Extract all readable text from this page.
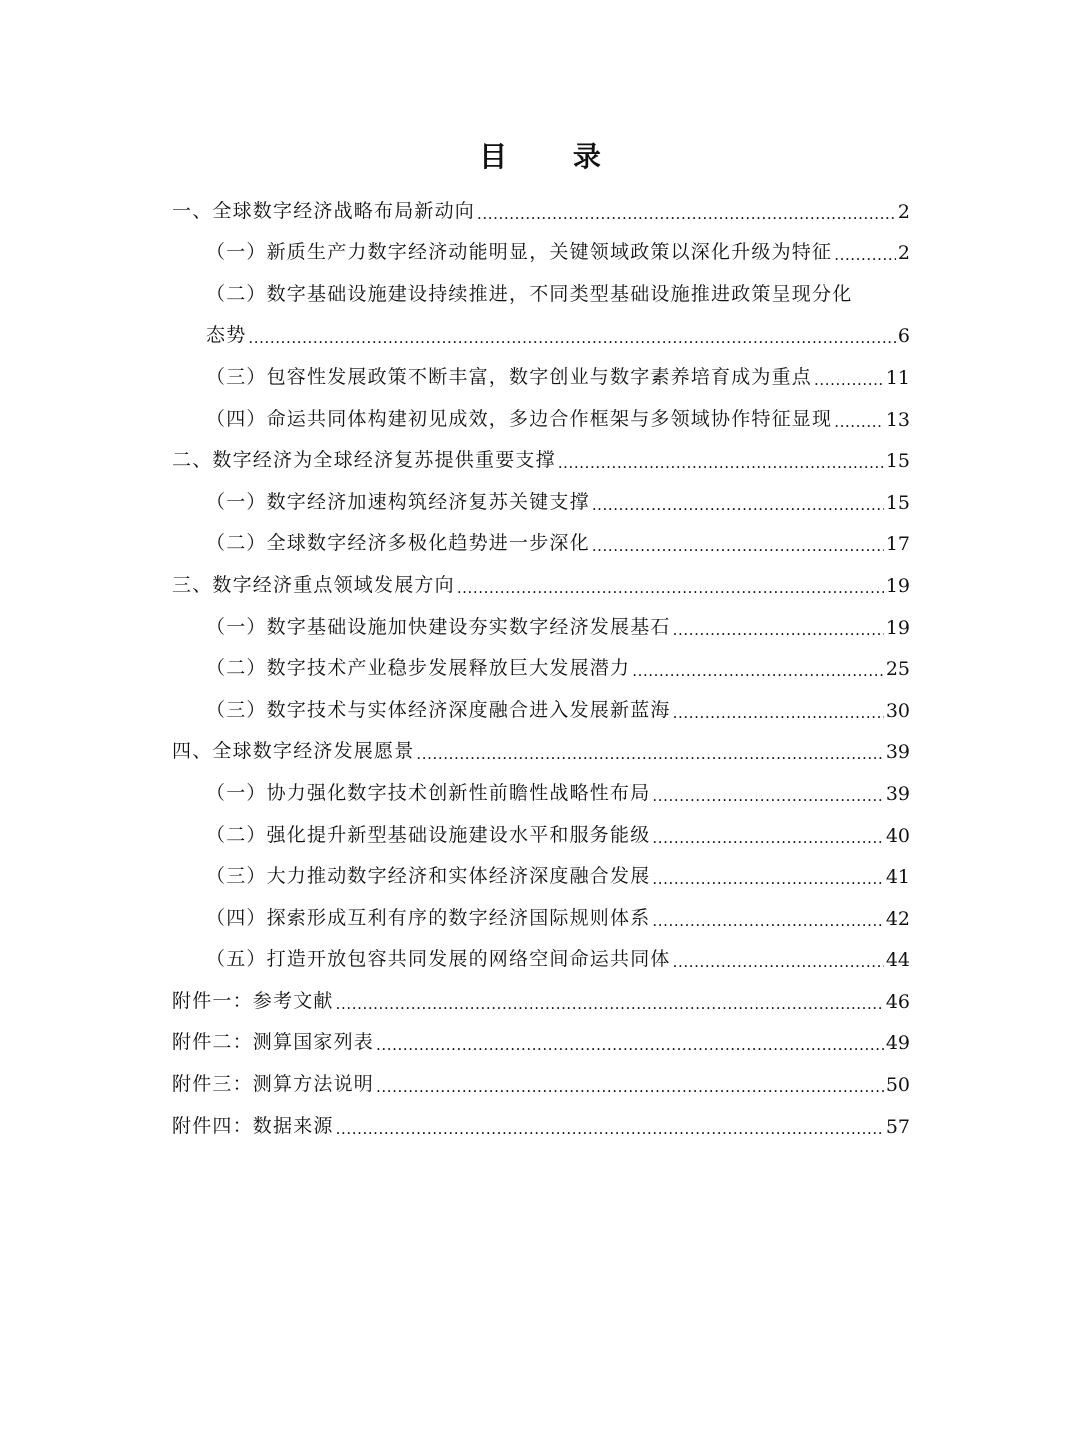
目 录
一、全球数字经济战略布局新动向 .....	2
（一）新质生产力数字经济动能明显，关键领域政策以深化升级为特征 .....	2
（二）数字基础设施建设持续推进，不同类型基础设施推进政策呈现分化
态势 .....	6
（三）包容性发展政策不断丰富，数字创业与数字素养培育成为重点 .....	11
（四）命运共同体构建初见成效，多边合作框架与多领域协作特征显现 .....	13
二、数字经济为全球经济复苏提供重要支撑 .....	15
（一）数字经济加速构筑经济复苏关键支撑 .....	15
（二）全球数字经济多极化趋势进一步深化 .....	17
三、数字经济重点领域发展方向 .....	19
（一）数字基础设施加快建设夯实数字经济发展基石 .....	19
（二）数字技术产业稳步发展释放巨大发展潜力 .....	25
（三）数字技术与实体经济深度融合进入发展新蓝海 .....	30
四、全球数字经济发展愿景 .....	39
（一）协力强化数字技术创新性前瞻性战略性布局 .....	39
（二）强化提升新型基础设施建设水平和服务能级 .....	40
（三）大力推动数字经济和实体经济深度融合发展 .....	41
（四）探索形成互利有序的数字经济国际规则体系 .....	42
（五）打造开放包容共同发展的网络空间命运共同体 .....	44
附件一：参考文献 .....	46
附件二：测算国家列表 .....	49
附件三：测算方法说明 .....	50
附件四：数据来源 .....	57
